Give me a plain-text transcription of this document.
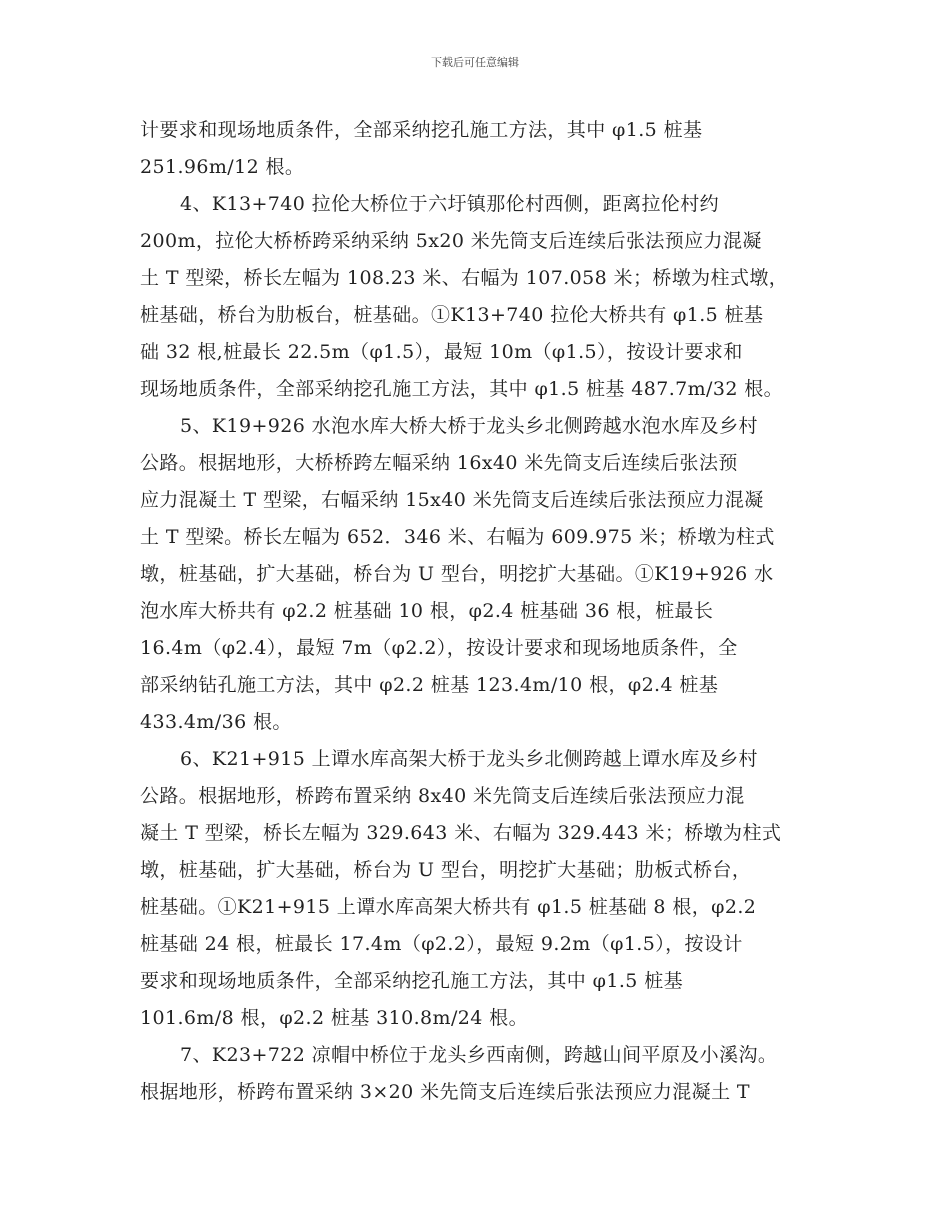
下载后可任意编辑
计要求和现场地质条件，全部采纳挖孔施工方法，其中 φ1.5 桩基
251.96m/12 根。
4、K13+740 拉伦大桥位于六圩镇那伦村西侧，距离拉伦村约
200m，拉伦大桥桥跨采纳采纳 5x20 米先筒支后连续后张法预应力混凝
土 T 型梁，桥长左幅为 108.23 米、右幅为 107.058 米；桥墩为柱式墩，
桩基础，桥台为肋板台，桩基础。①K13+740 拉伦大桥共有 φ1.5 桩基
础 32 根,桩最长 22.5m（φ1.5），最短 10m（φ1.5），按设计要求和
现场地质条件，全部采纳挖孔施工方法，其中 φ1.5 桩基 487.7m/32 根。
5、K19+926 水泡水库大桥大桥于龙头乡北侧跨越水泡水库及乡村
公路。根据地形，大桥桥跨左幅采纳 16x40 米先筒支后连续后张法预
应力混凝土 T 型梁，右幅采纳 15x40 米先筒支后连续后张法预应力混凝
土 T 型梁。桥长左幅为 652．346 米、右幅为 609.975 米；桥墩为柱式
墩，桩基础，扩大基础，桥台为 U 型台，明挖扩大基础。①K19+926 水
泡水库大桥共有 φ2.2 桩基础 10 根，φ2.4 桩基础 36 根，桩最长
16.4m（φ2.4），最短 7m（φ2.2），按设计要求和现场地质条件，全
部采纳钻孔施工方法，其中 φ2.2 桩基 123.4m/10 根，φ2.4 桩基
433.4m/36 根。
6、K21+915 上谭水库高架大桥于龙头乡北侧跨越上谭水库及乡村
公路。根据地形，桥跨布置采纳 8x40 米先筒支后连续后张法预应力混
凝土 T 型梁，桥长左幅为 329.643 米、右幅为 329.443 米；桥墩为柱式
墩，桩基础，扩大基础，桥台为 U 型台，明挖扩大基础；肋板式桥台，
桩基础。①K21+915 上谭水库高架大桥共有 φ1.5 桩基础 8 根，φ2.2
桩基础 24 根，桩最长 17.4m（φ2.2），最短 9.2m（φ1.5），按设计
要求和现场地质条件，全部采纳挖孔施工方法，其中 φ1.5 桩基
101.6m/8 根，φ2.2 桩基 310.8m/24 根。
7、K23+722 凉帽中桥位于龙头乡西南侧，跨越山间平原及小溪沟。
根据地形，桥跨布置采纳 3×20 米先筒支后连续后张法预应力混凝土 T
